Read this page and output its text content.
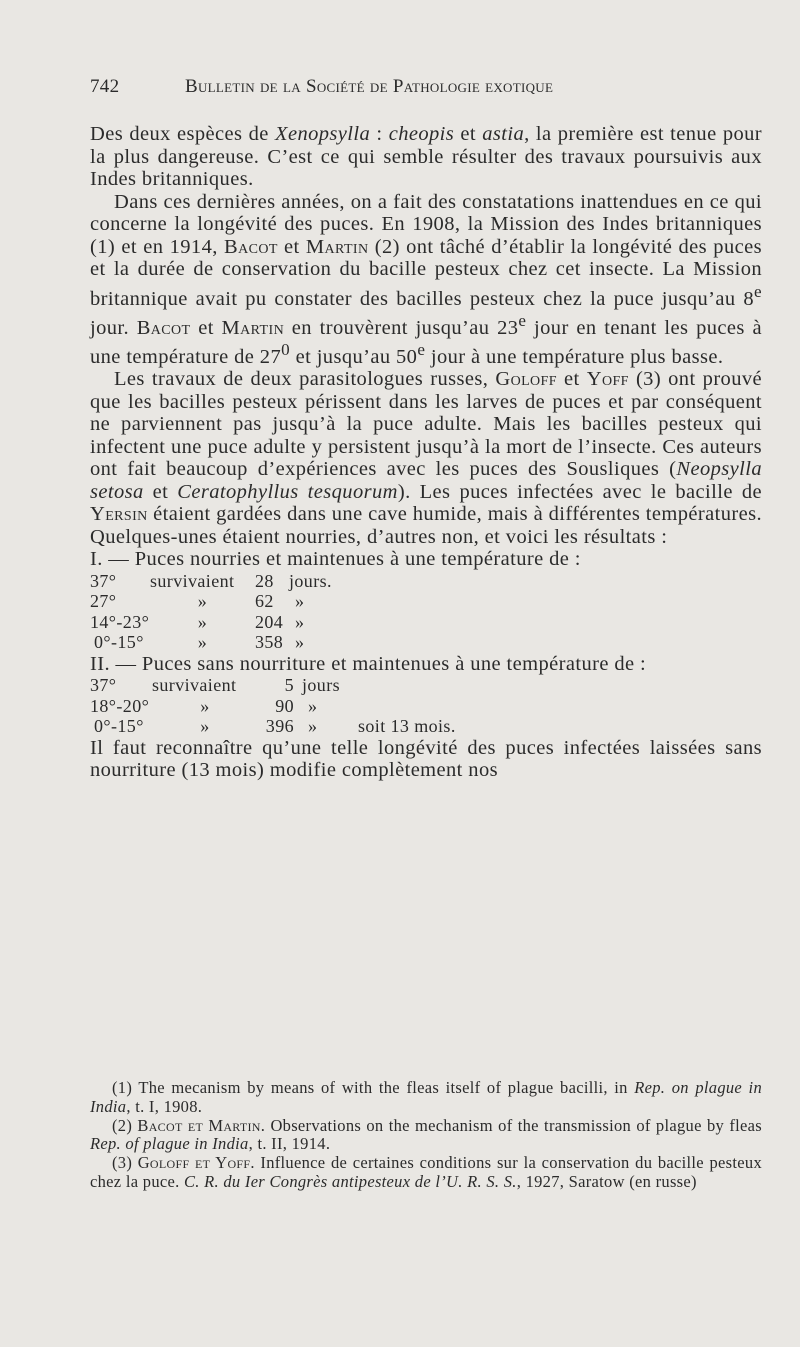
742	Bulletin de la Société de Pathologie exotique

Des deux espèces de Xenopsylla : cheopis et astia, la première est tenue pour la plus dangereuse. C’est ce qui semble résulter des travaux poursuivis aux Indes britanniques.

Dans ces dernières années, on a fait des constatations inattendues en ce qui concerne la longévité des puces. En 1908, la Mission des Indes britanniques (1) et en 1914, Bacot et Martin (2) ont tâché d’établir la longévité des puces et la durée de conservation du bacille pesteux chez cet insecte. La Mission britannique avait pu constater des bacilles pesteux chez la puce jusqu’au 8e jour. Bacot et Martin en trouvèrent jusqu’au 23e jour en tenant les puces à une température de $27^0$ et jusqu’au 50e jour à une température plus basse.

Les travaux de deux parasitologues russes, Goloff et Yoff (3) ont prouvé que les bacilles pesteux périssent dans les larves de puces et par conséquent ne parviennent pas jusqu’à la puce adulte. Mais les bacilles pesteux qui infectent une puce adulte y persistent jusqu’à la mort de l’insecte. Ces auteurs ont fait beaucoup d’expériences avec les puces des Sousliques (Neopsylla setosa et Ceratophyllus tesquorum). Les puces infectées avec le bacille de Yersin étaient gardées dans une cave humide, mais à différentes températures. Quelques-unes étaient nourries, d’autres non, et voici les résultats :

I. — Puces nourries et maintenues à une température de :

37°	survivaient	28	jours.
27°	»	62	»
14°-23°	»	204	»
0°-15°	»	358	»

II. — Puces sans nourriture et maintenues à une température de :

37°	survivaient	5	jours	
18°-20°	»	90	»	
0°-15°	»	396	»	soit 13 mois.

Il faut reconnaître qu’une telle longévité des puces infectées laissées sans nourriture (13 mois) modifie complètement nos

(1) The mecanism by means of with the fleas itself of plague bacilli, in Rep. on plague in India, t. I, 1908.

(2) Bacot et Martin. Observations on the mechanism of the transmission of plague by fleas Rep. of plague in India, t. II, 1914.

(3) Goloff et Yoff. Influence de certaines conditions sur la conservation du bacille pesteux chez la puce. C. R. du Ier Congrès antipesteux de l’U. R. S. S., 1927, Saratow (en russe)
